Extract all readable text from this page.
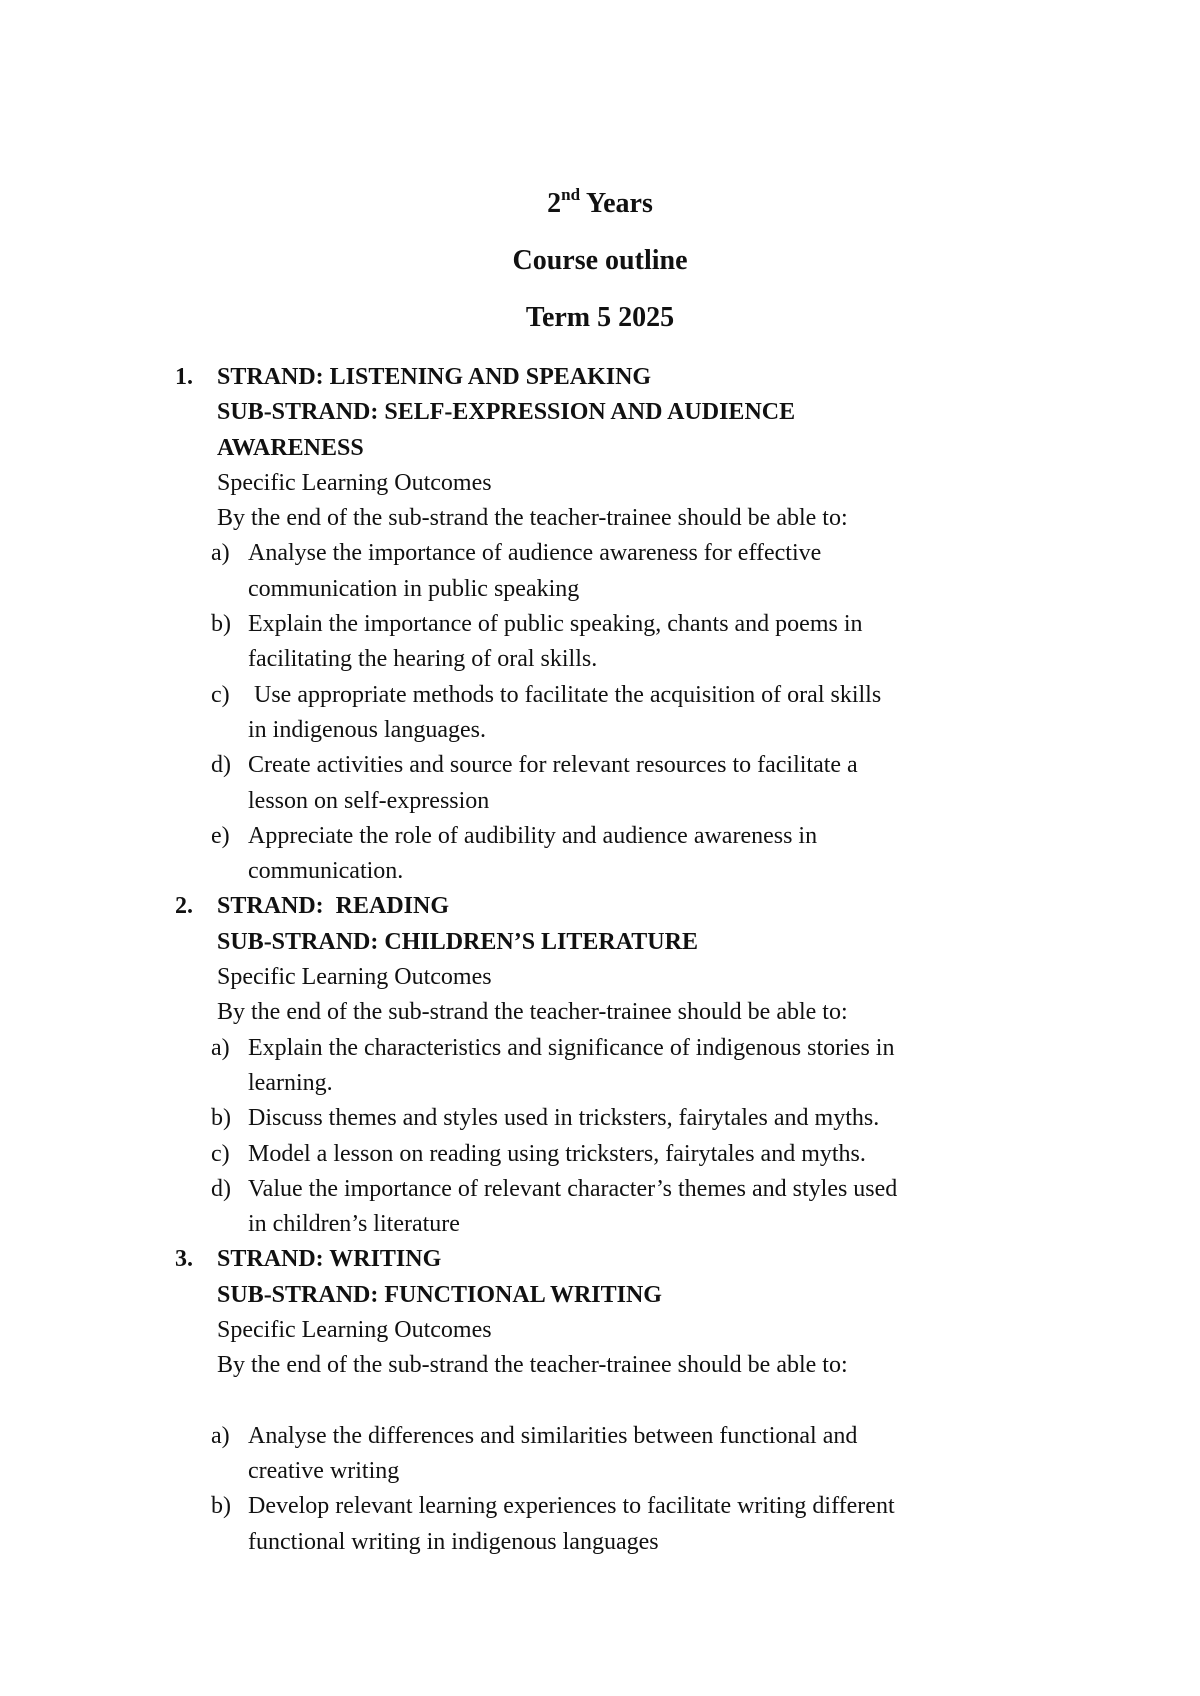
2nd Years
Course outline
Term 5 2025
1. STRAND: LISTENING AND SPEAKING
SUB-STRAND: SELF-EXPRESSION AND AUDIENCE
AWARENESS
Specific Learning Outcomes
By the end of the sub-strand the teacher-trainee should be able to:
a) Analyse the importance of audience awareness for effective
communication in public speaking
b) Explain the importance of public speaking, chants and poems in
facilitating the hearing of oral skills.
c) Use appropriate methods to facilitate the acquisition of oral skills
in indigenous languages.
d) Create activities and source for relevant resources to facilitate a
lesson on self-expression
e) Appreciate the role of audibility and audience awareness in
communication.
2. STRAND:  READING
SUB-STRAND: CHILDREN’S LITERATURE
Specific Learning Outcomes
By the end of the sub-strand the teacher-trainee should be able to:
a) Explain the characteristics and significance of indigenous stories in
learning.
b) Discuss themes and styles used in tricksters, fairytales and myths.
c) Model a lesson on reading using tricksters, fairytales and myths.
d) Value the importance of relevant character’s themes and styles used
in children’s literature
3. STRAND: WRITING
SUB-STRAND: FUNCTIONAL WRITING
Specific Learning Outcomes
By the end of the sub-strand the teacher-trainee should be able to:
a) Analyse the differences and similarities between functional and
creative writing
b) Develop relevant learning experiences to facilitate writing different
functional writing in indigenous languages
